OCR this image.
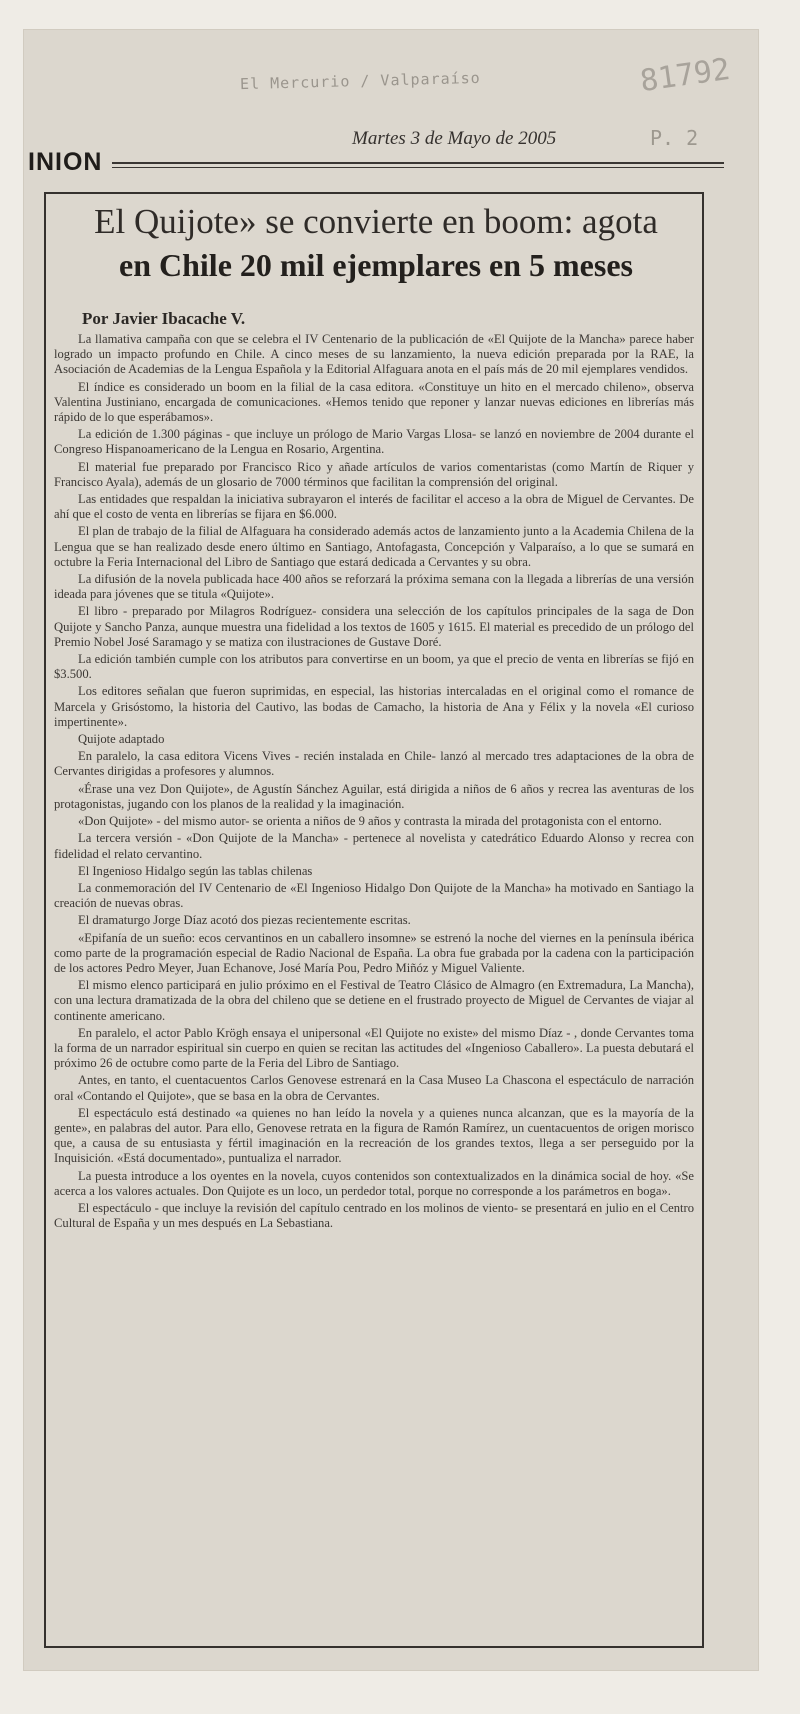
El Mercurio / Valparaíso	81792
INION
Martes 3 de Mayo de 2005	P. 2
El Quijote» se convierte en boom: agota
en Chile 20 mil ejemplares en 5 meses

Por Javier Ibacache V.

La llamativa campaña con que se celebra el IV Centenario de la publicación de «El Quijote de la Mancha» parece haber logrado un impacto profundo en Chile. A cinco meses de su lanzamiento, la nueva edición preparada por la RAE, la Asociación de Academias de la Lengua Española y la Editorial Alfaguara anota en el país más de 20 mil ejemplares vendidos.

El índice es considerado un boom en la filial de la casa editora. «Constituye un hito en el mercado chileno», observa Valentina Justiniano, encargada de comunicaciones. «Hemos tenido que reponer y lanzar nuevas ediciones en librerías más rápido de lo que esperábamos».

La edición de 1.300 páginas - que incluye un prólogo de Mario Vargas Llosa- se lanzó en noviembre de 2004 durante el Congreso Hispanoamericano de la Lengua en Rosario, Argentina.

El material fue preparado por Francisco Rico y añade artículos de varios comentaristas (como Martín de Riquer y Francisco Ayala), además de un glosario de 7000 términos que facilitan la comprensión del original.

Las entidades que respaldan la iniciativa subrayaron el interés de facilitar el acceso a la obra de Miguel de Cervantes. De ahí que el costo de venta en librerías se fijara en $6.000.

El plan de trabajo de la filial de Alfaguara ha considerado además actos de lanzamiento junto a la Academia Chilena de la Lengua que se han realizado desde enero último en Santiago, Antofagasta, Concepción y Valparaíso, a lo que se sumará en octubre la Feria Internacional del Libro de Santiago que estará dedicada a Cervantes y su obra.

La difusión de la novela publicada hace 400 años se reforzará la próxima semana con la llegada a librerías de una versión ideada para jóvenes que se titula «Quijote».

El libro - preparado por Milagros Rodríguez- considera una selección de los capítulos principales de la saga de Don Quijote y Sancho Panza, aunque muestra una fidelidad a los textos de 1605 y 1615. El material es precedido de un prólogo del Premio Nobel José Saramago y se matiza con ilustraciones de Gustave Doré.

La edición también cumple con los atributos para convertirse en un boom, ya que el precio de venta en librerías se fijó en $3.500.

Los editores señalan que fueron suprimidas, en especial, las historias intercaladas en el original como el romance de Marcela y Grisóstomo, la historia del Cautivo, las bodas de Camacho, la historia de Ana y Félix y la novela «El curioso impertinente».

Quijote adaptado

En paralelo, la casa editora Vicens Vives - recién instalada en Chile- lanzó al mercado tres adaptaciones de la obra de Cervantes dirigidas a profesores y alumnos.

«Érase una vez Don Quijote», de Agustín Sánchez Aguilar, está dirigida a niños de 6 años y recrea las aventuras de los protagonistas, jugando con los planos de la realidad y la imaginación.

«Don Quijote» - del mismo autor- se orienta a niños de 9 años y contrasta la mirada del protagonista con el entorno.

La tercera versión - «Don Quijote de la Mancha» - pertenece al novelista y catedrático Eduardo Alonso y recrea con fidelidad el relato cervantino.

El Ingenioso Hidalgo según las tablas chilenas

La conmemoración del IV Centenario de «El Ingenioso Hidalgo Don Quijote de la Mancha» ha motivado en Santiago la creación de nuevas obras.

El dramaturgo Jorge Díaz acotó dos piezas recientemente escritas.

«Epifanía de un sueño: ecos cervantinos en un caballero insomne» se estrenó la noche del viernes en la península ibérica como parte de la programación especial de Radio Nacional de España. La obra fue grabada por la cadena con la participación de los actores Pedro Meyer, Juan Echanove, José María Pou, Pedro Miñóz y Miguel Valiente.

El mismo elenco participará en julio próximo en el Festival de Teatro Clásico de Almagro (en Extremadura, La Mancha), con una lectura dramatizada de la obra del chileno que se detiene en el frustrado proyecto de Miguel de Cervantes de viajar al continente americano.

En paralelo, el actor Pablo Krögh ensaya el unipersonal «El Quijote no existe» del mismo Díaz - , donde Cervantes toma la forma de un narrador espiritual sin cuerpo en quien se recitan las actitudes del «Ingenioso Caballero». La puesta debutará el próximo 26 de octubre como parte de la Feria del Libro de Santiago.

Antes, en tanto, el cuentacuentos Carlos Genovese estrenará en la Casa Museo La Chascona el espectáculo de narración oral «Contando el Quijote», que se basa en la obra de Cervantes.

El espectáculo está destinado «a quienes no han leído la novela y a quienes nunca alcanzan, que es la mayoría de la gente», en palabras del autor. Para ello, Genovese retrata en la figura de Ramón Ramírez, un cuentacuentos de origen morisco que, a causa de su entusiasta y fértil imaginación en la recreación de los grandes textos, llega a ser perseguido por la Inquisición. «Está documentado», puntualiza el narrador.

La puesta introduce a los oyentes en la novela, cuyos contenidos son contextualizados en la dinámica social de hoy. «Se acerca a los valores actuales. Don Quijote es un loco, un perdedor total, porque no corresponde a los parámetros en boga».

El espectáculo - que incluye la revisión del capítulo centrado en los molinos de viento- se presentará en julio en el Centro Cultural de España y un mes después en La Sebastiana.
